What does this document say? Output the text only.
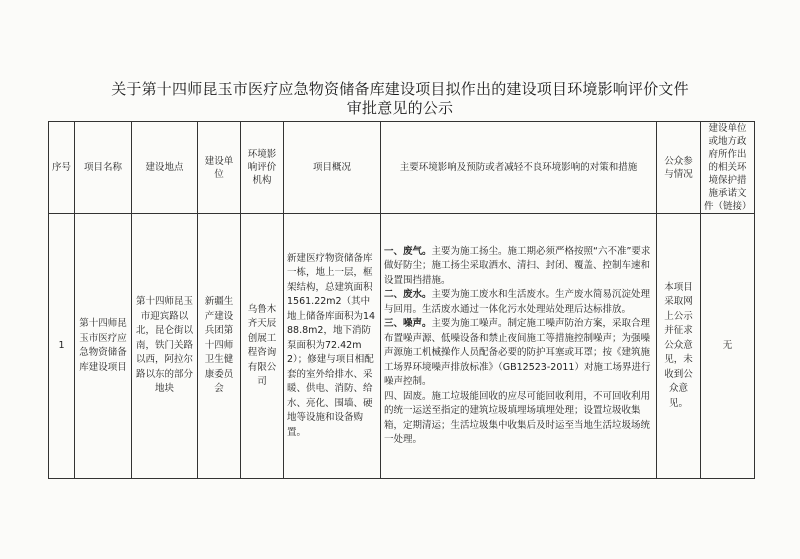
关于第十四师昆玉市医疗应急物资储备库建设项目拟作出的建设项目环境影响评价文件
审批意见的公示
序号	项目名称	建设地点	建设单位	环境影响评价机构	项目概况	主要环境影响及预防或者减轻不良环境影响的对策和措施	公众参与情况	建设单位或地方政府所作出的相关环境保护措施承诺文件（链接）
1	第十四师昆玉市医疗应急物资储备库建设项目	第十四师昆玉市迎宾路以北，昆仑街以南，铁门关路以西，阿拉尔路以东的部分地块	新疆生产建设兵团第十四师卫生健康委员会	乌鲁木齐天辰创展工程咨询有限公司	新建医疗物资储备库一栋，地上一层，框架结构，总建筑面积1561.22m2（其中地上储备库面积为1488.8m2，地下消防泵面积为72.42m2）；修建与项目相配套的室外给排水、采暖、供电、消防、给水、亮化、围墙、硬地等设施和设备购置。	一、废气。主要为施工扬尘。施工期必须严格按照“六不准”要求做好防尘；施工扬尘采取洒水、清扫、封闭、覆盖、控制车速和设置围挡措施。

二、废水。主要为施工废水和生活废水。生产废水简易沉淀处理与回用。生活废水通过一体化污水处理站处理后达标排放。

三、噪声。主要为施工噪声。制定施工噪声防治方案，采取合理布置噪声源、低噪设备和禁止夜间施工等措施控制噪声；为强噪声源施工机械操作人员配备必要的防护耳塞或耳罩；按《建筑施工场界环境噪声排放标准》（GB12523-2011）对施工场界进行噪声控制。

四、固废。施工垃圾能回收的应尽可能回收利用，不可回收利用的统一运送至指定的建筑垃圾填埋场填埋处理；设置垃圾收集箱，定期清运；生活垃圾集中收集后及时运至当地生活垃圾场统一处理。	本项目采取网上公示并征求公众意见，未收到公众意见。	无
